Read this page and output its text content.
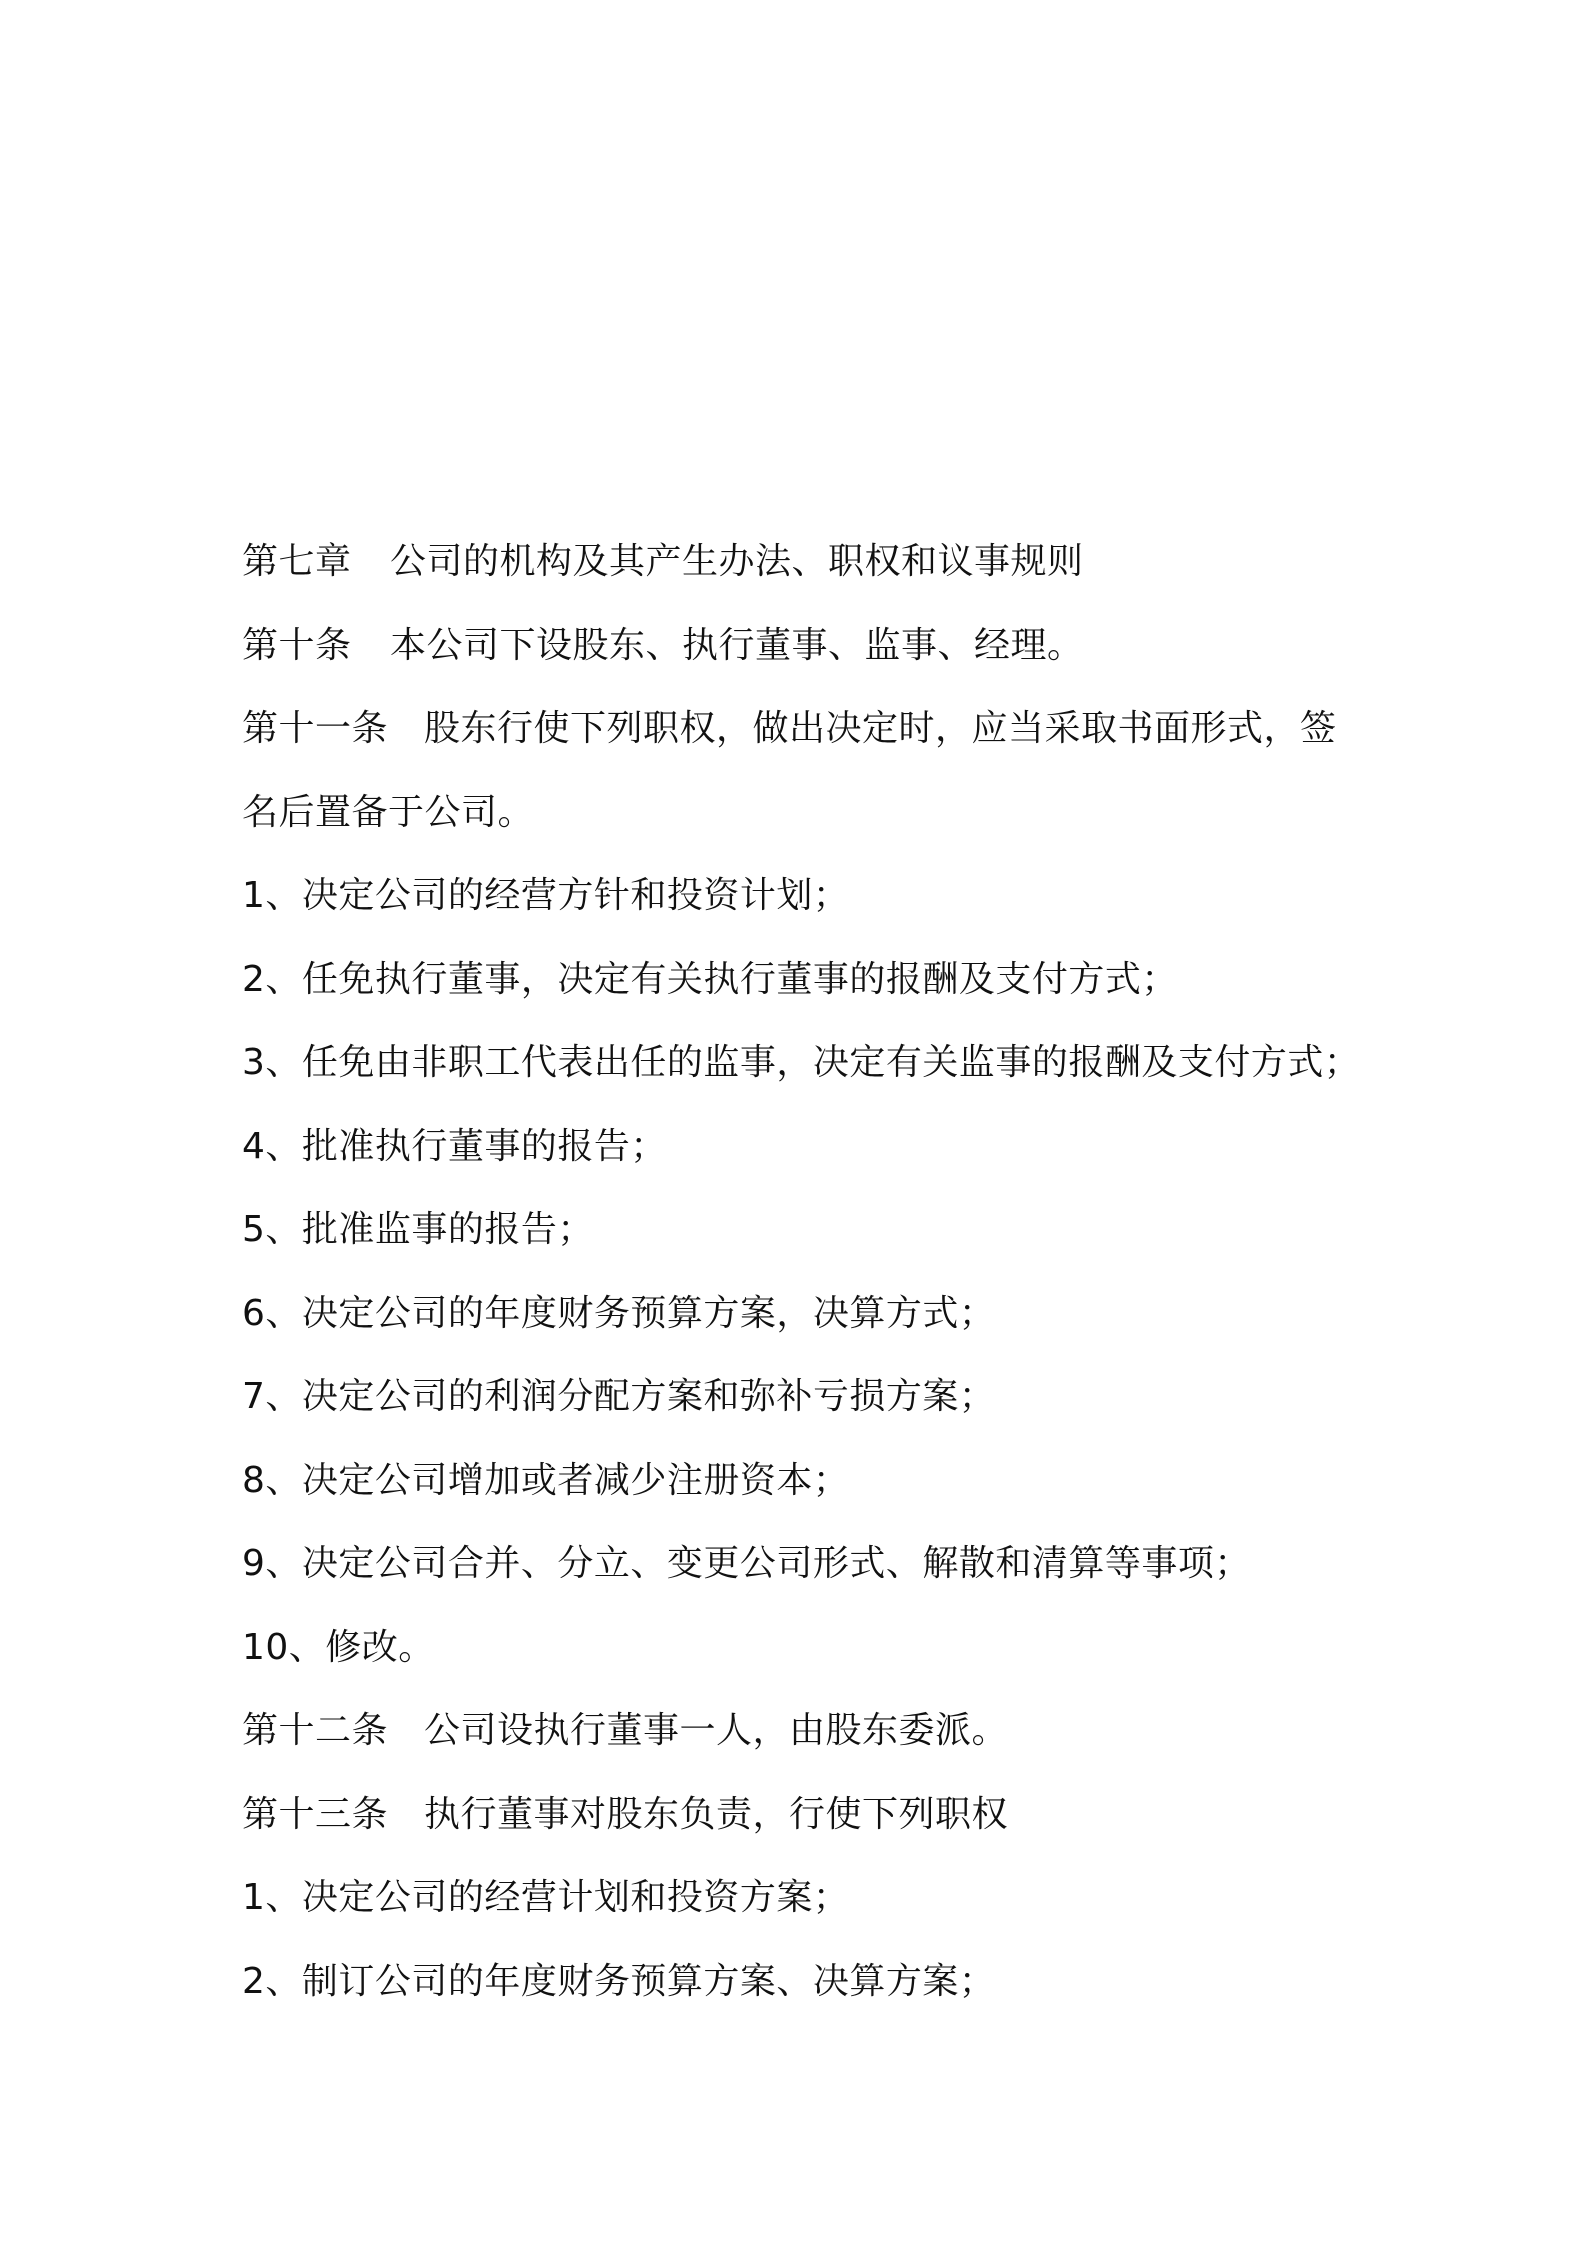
第七章 公司的机构及其产生办法、职权和议事规则
第十条 本公司下设股东、执行董事、监事、经理。
第十一条 股东行使下列职权，做出决定时，应当采取书面形式，签
名后置备于公司。
1、决定公司的经营方针和投资计划；
2、任免执行董事，决定有关执行董事的报酬及支付方式；
3、任免由非职工代表出任的监事，决定有关监事的报酬及支付方式；
4、批准执行董事的报告；
5、批准监事的报告；
6、决定公司的年度财务预算方案，决算方式；
7、决定公司的利润分配方案和弥补亏损方案；
8、决定公司增加或者减少注册资本；
9、决定公司合并、分立、变更公司形式、解散和清算等事项；
10、修改。
第十二条 公司设执行董事一人，由股东委派。
第十三条 执行董事对股东负责，行使下列职权
1、决定公司的经营计划和投资方案；
2、制订公司的年度财务预算方案、决算方案；
